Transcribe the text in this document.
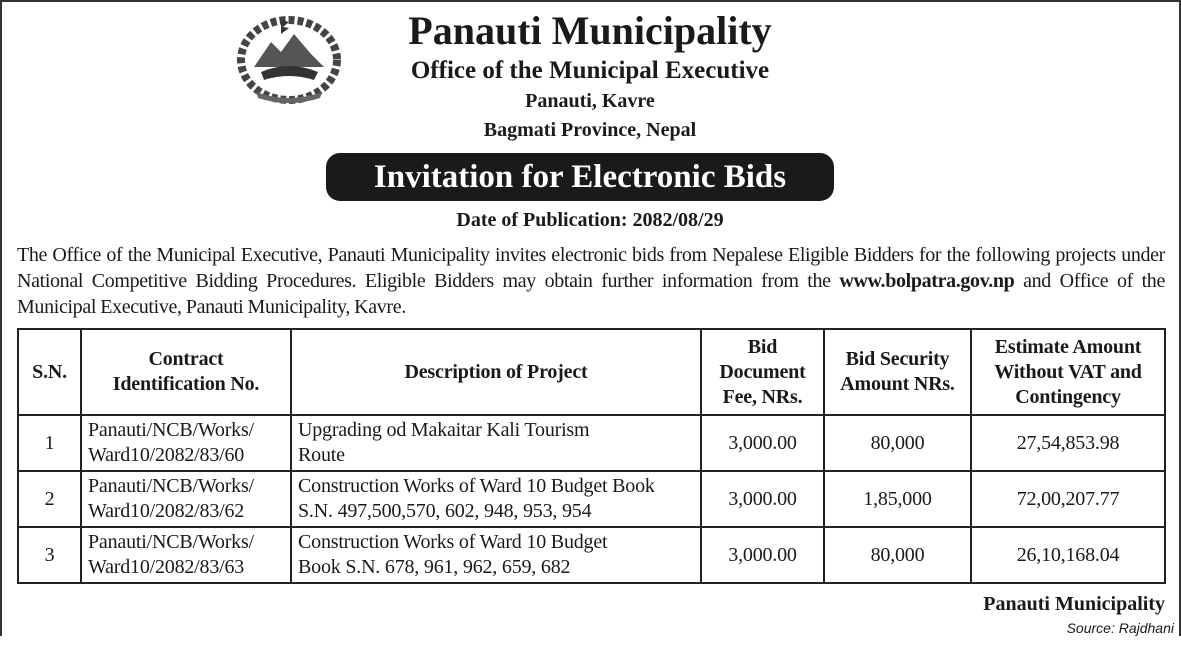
Panauti Municipality
Office of the Municipal Executive
Panauti, Kavre
Bagmati Province, Nepal
Invitation for Electronic Bids
Date of Publication: 2082/08/29
The Office of the Municipal Executive, Panauti Municipality invites electronic bids from Nepalese Eligible Bidders for the following projects under National Competitive Bidding Procedures. Eligible Bidders may obtain further information from the www.bolpatra.gov.np and Office of the Municipal Executive, Panauti Municipality, Kavre.
S.N.	Contract Identification No.	Description of Project	Bid Document Fee, NRs.	Bid Security Amount NRs.	Estimate Amount Without VAT and Contingency
1	Panauti/NCB/Works/ Ward10/2082/83/60	Upgrading od Makaitar Kali Tourism Route	3,000.00	80,000	27,54,853.98
2	Panauti/NCB/Works/ Ward10/2082/83/62	Construction Works of Ward 10 Budget Book S.N. 497,500,570, 602, 948, 953, 954	3,000.00	1,85,000	72,00,207.77
3	Panauti/NCB/Works/ Ward10/2082/83/63	Construction Works of Ward 10 Budget Book S.N. 678, 961, 962, 659, 682	3,000.00	80,000	26,10,168.04
Panauti Municipality
Source: Rajdhani
